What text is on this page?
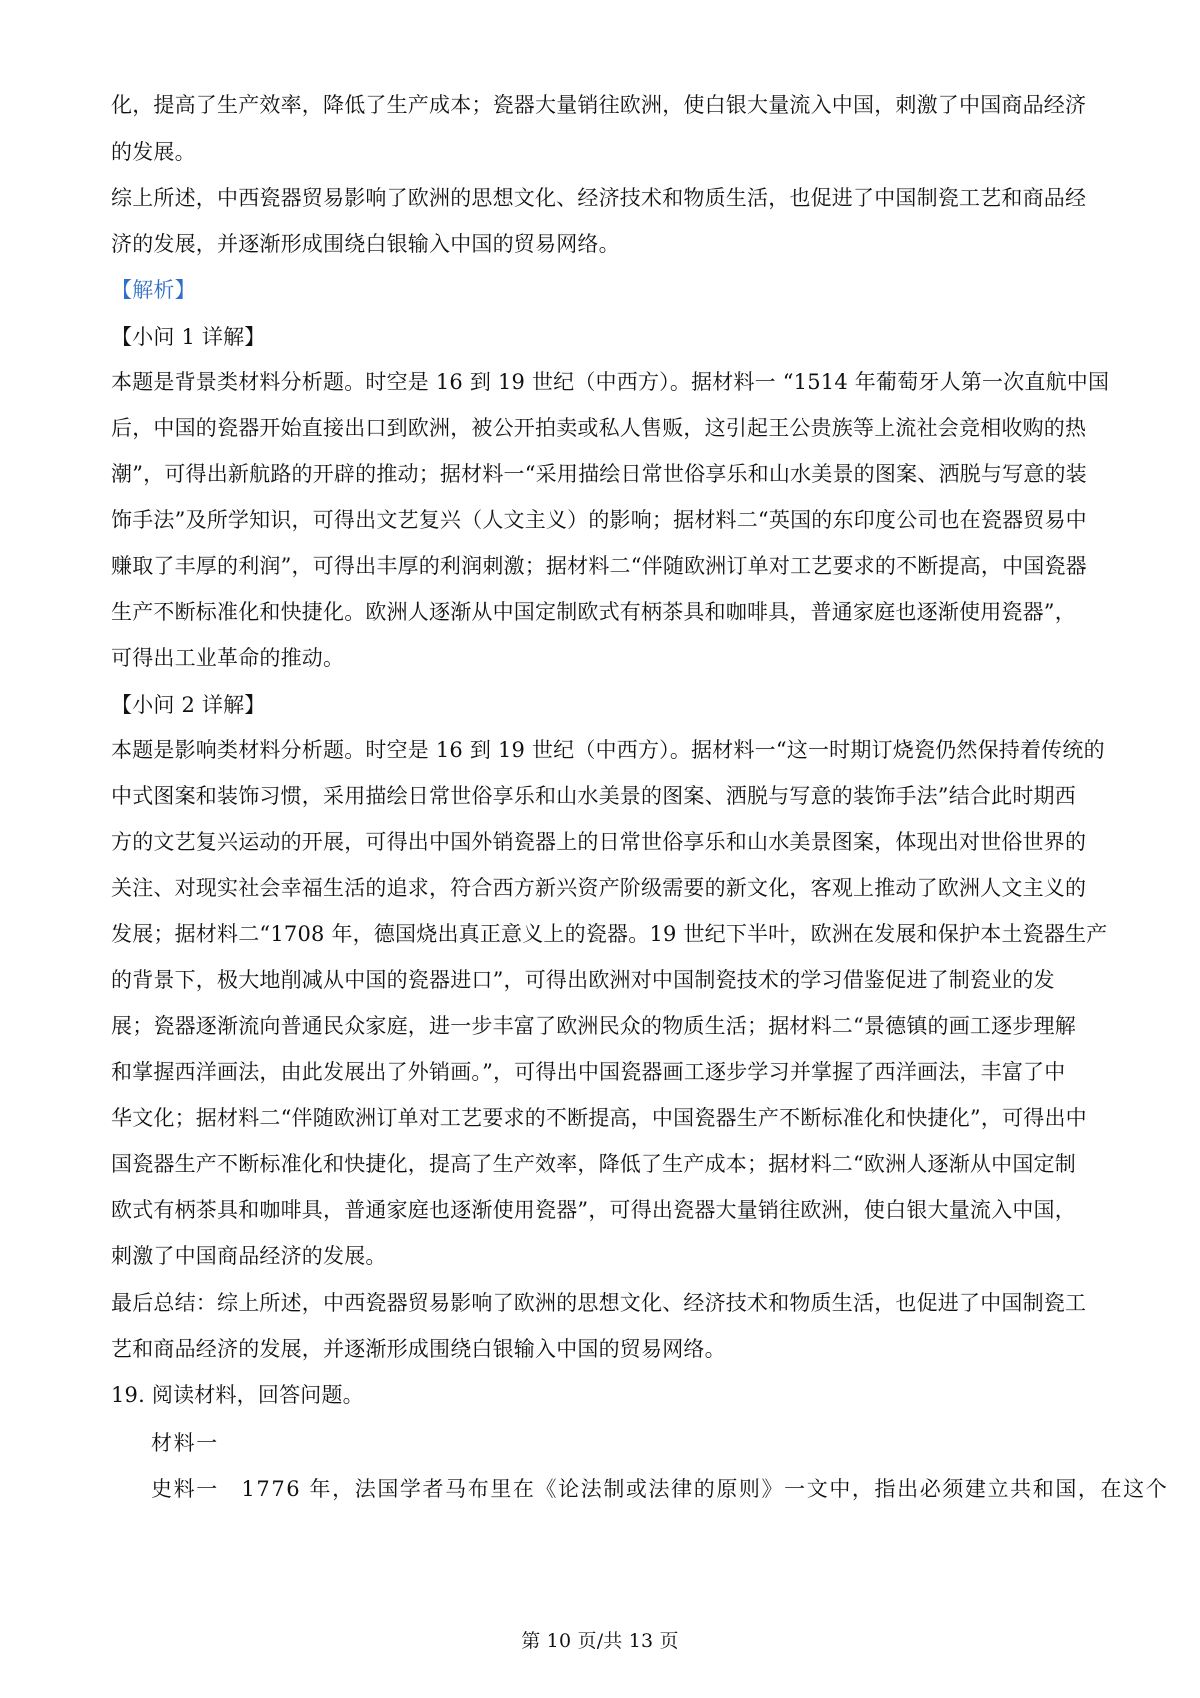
化，提高了生产效率，降低了生产成本；瓷器大量销往欧洲，使白银大量流入中国，刺激了中国商品经济
的发展。
综上所述，中西瓷器贸易影响了欧洲的思想文化、经济技术和物质生活，也促进了中国制瓷工艺和商品经
济的发展，并逐渐形成围绕白银输入中国的贸易网络。
【解析】
【小问 1 详解】
本题是背景类材料分析题。时空是 16 到 19 世纪（中西方）。据材料一 “1514 年葡萄牙人第一次直航中国
后，中国的瓷器开始直接出口到欧洲，被公开拍卖或私人售贩，这引起王公贵族等上流社会竞相收购的热
潮”，可得出新航路的开辟的推动；据材料一“采用描绘日常世俗享乐和山水美景的图案、洒脱与写意的装
饰手法”及所学知识，可得出文艺复兴（人文主义）的影响；据材料二“英国的东印度公司也在瓷器贸易中
赚取了丰厚的利润”，可得出丰厚的利润刺激；据材料二“伴随欧洲订单对工艺要求的不断提高，中国瓷器
生产不断标准化和快捷化。欧洲人逐渐从中国定制欧式有柄茶具和咖啡具，普通家庭也逐渐使用瓷器”，
可得出工业革命的推动。
【小问 2 详解】
本题是影响类材料分析题。时空是 16 到 19 世纪（中西方）。据材料一“这一时期订烧瓷仍然保持着传统的
中式图案和装饰习惯，采用描绘日常世俗享乐和山水美景的图案、洒脱与写意的装饰手法”结合此时期西
方的文艺复兴运动的开展，可得出中国外销瓷器上的日常世俗享乐和山水美景图案，体现出对世俗世界的
关注、对现实社会幸福生活的追求，符合西方新兴资产阶级需要的新文化，客观上推动了欧洲人文主义的
发展；据材料二“1708 年，德国烧出真正意义上的瓷器。19 世纪下半叶，欧洲在发展和保护本土瓷器生产
的背景下，极大地削减从中国的瓷器进口”，可得出欧洲对中国制瓷技术的学习借鉴促进了制瓷业的发
展；瓷器逐渐流向普通民众家庭，进一步丰富了欧洲民众的物质生活；据材料二“景德镇的画工逐步理解
和掌握西洋画法，由此发展出了外销画。”，可得出中国瓷器画工逐步学习并掌握了西洋画法，丰富了中
华文化；据材料二“伴随欧洲订单对工艺要求的不断提高，中国瓷器生产不断标准化和快捷化”，可得出中
国瓷器生产不断标准化和快捷化，提高了生产效率，降低了生产成本；据材料二“欧洲人逐渐从中国定制
欧式有柄茶具和咖啡具，普通家庭也逐渐使用瓷器”，可得出瓷器大量销往欧洲，使白银大量流入中国，
刺激了中国商品经济的发展。
最后总结：综上所述，中西瓷器贸易影响了欧洲的思想文化、经济技术和物质生活，也促进了中国制瓷工
艺和商品经济的发展，并逐渐形成围绕白银输入中国的贸易网络。
19. 阅读材料，回答问题。
材料一
史料一　1776 年，法国学者马布里在《论法制或法律的原则》一文中，指出必须建立共和国，在这个
第 10 页/共 13 页
